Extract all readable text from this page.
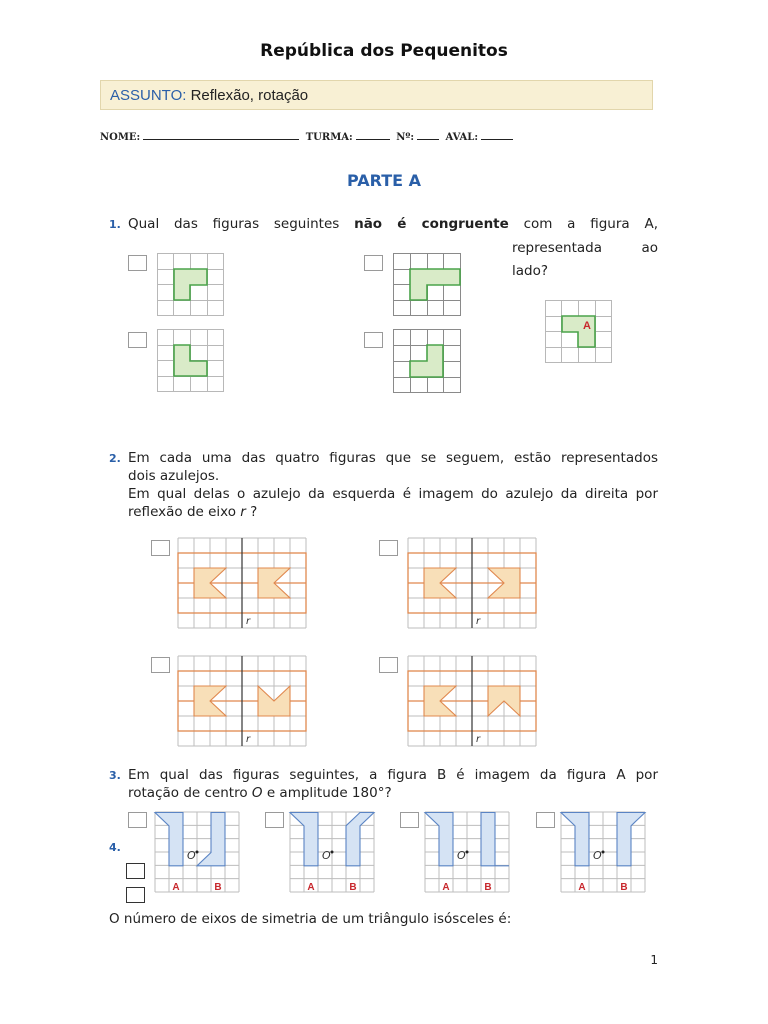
República dos Pequenitos
ASSUNTO: Reflexão, rotação
NOME:	TURMA:	Nº:	AVAL:
PARTE A
1. Qual das figuras seguintes não é congruente com a figura A,
representada ao
lado?
A
2. Em cada uma das quatro figuras que se seguem, estão representados
dois azulejos.
Em qual delas o azulejo da esquerda é imagem do azulejo da direita por
reflexão de eixo r ?
r	r
r	r
3. Em qual das figuras seguintes, a figura B é imagem da figura A por
rotação de centro O e amplitude 180°?
O
A	B
O
A	B
O
A	B
O
A	B
4.
O número de eixos de simetria de um triângulo isósceles é:
1
